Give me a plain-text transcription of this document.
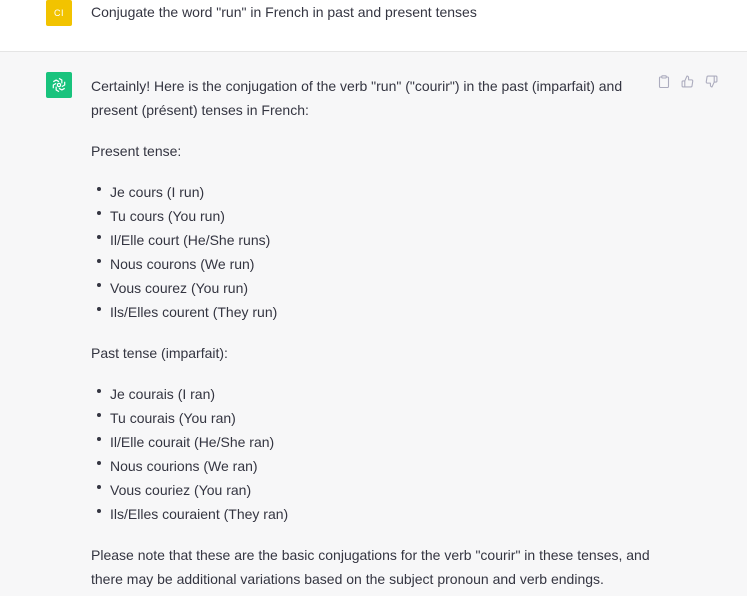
CI	Conjugate the word "run" in French in past and present tenses

Certainly! Here is the conjugation of the verb "run" ("courir") in the past (imparfait) and present (présent) tenses in French:

Present tense:

Je cours (I run)
Tu cours (You run)
Il/Elle court (He/She runs)
Nous courons (We run)
Vous courez (You run)
Ils/Elles courent (They run)

Past tense (imparfait):

Je courais (I ran)
Tu courais (You ran)
Il/Elle courait (He/She ran)
Nous courions (We ran)
Vous couriez (You ran)
Ils/Elles couraient (They ran)

Please note that these are the basic conjugations for the verb "courir" in these tenses, and there may be additional variations based on the subject pronoun and verb endings.
